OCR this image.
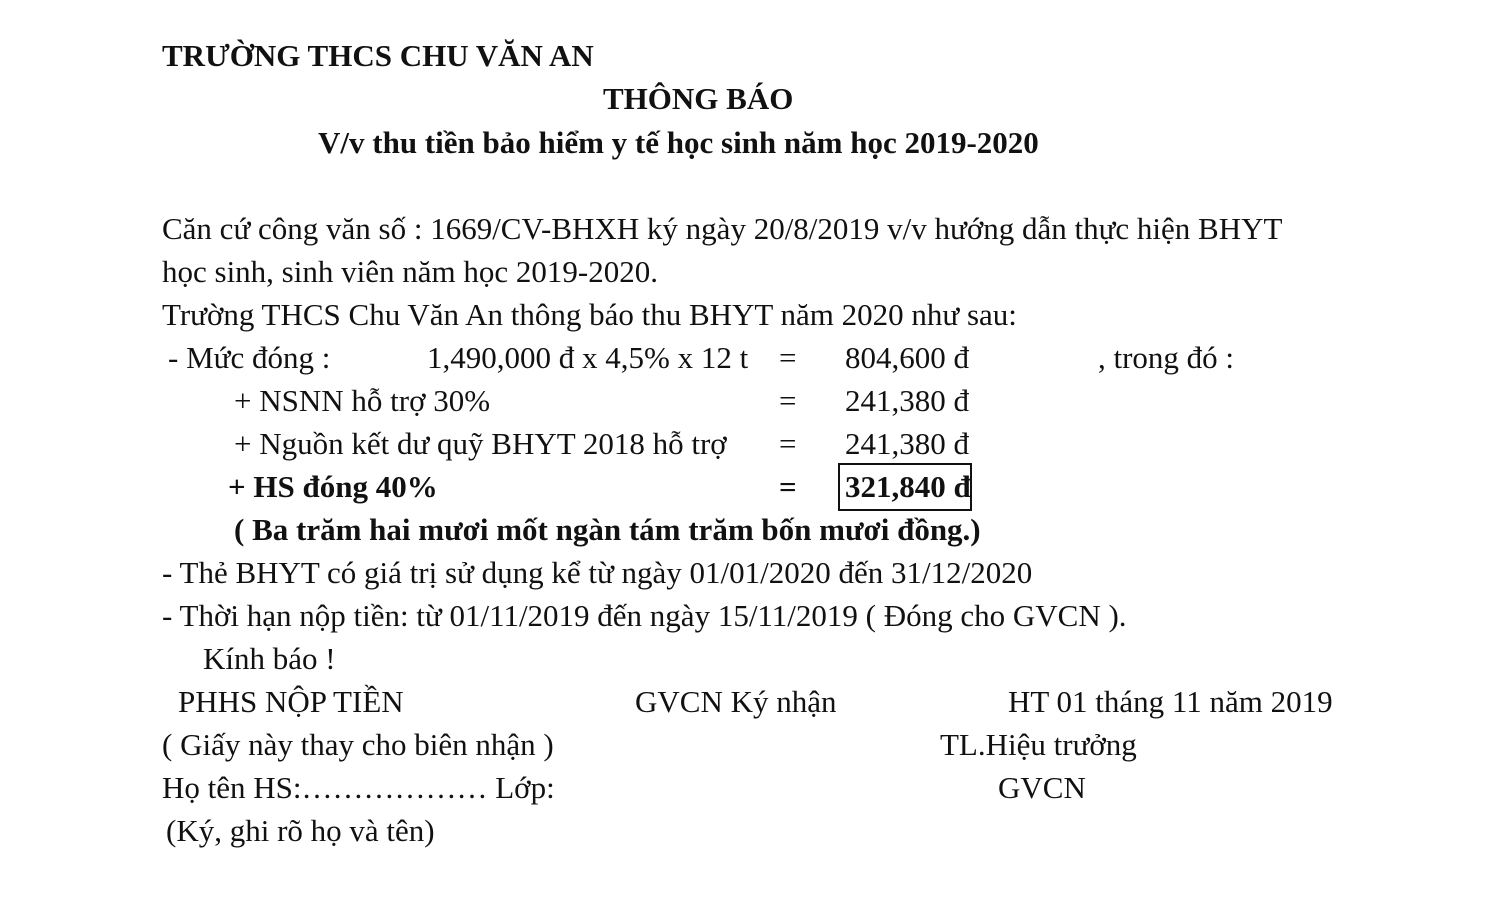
TRƯỜNG THCS CHU VĂN AN
THÔNG BÁO
V/v thu tiền bảo hiểm y tế học sinh năm học 2019-2020
Căn cứ công văn số : 1669/CV-BHXH ký ngày 20/8/2019 v/v hướng dẫn thực hiện BHYT
học sinh, sinh viên năm học 2019-2020.
Trường THCS Chu Văn An thông báo thu BHYT năm 2020 như sau:
- Mức đóng :	1,490,000 đ x 4,5% x 12 t = 804,600 đ	, trong đó :
+ NSNN hỗ trợ 30%	= 241,380 đ
+ Nguồn kết dư quỹ BHYT 2018 hỗ trợ = 241,380 đ
+ HS đóng 40%	= 321,840 đ
( Ba trăm hai mươi mốt ngàn tám trăm bốn mươi đồng.)
- Thẻ BHYT có giá trị sử dụng kể từ ngày 01/01/2020 đến 31/12/2020
- Thời hạn nộp tiền: từ 01/11/2019 đến ngày 15/11/2019 ( Đóng cho GVCN ).
Kính báo !
PHHS NỘP TIỀN	GVCN Ký nhận	HT 01 tháng 11 năm 2019
( Giấy này thay cho biên nhận )	TL.Hiệu trưởng
Họ tên HS:……………… Lớp:	GVCN
(Ký, ghi rõ họ và tên)
